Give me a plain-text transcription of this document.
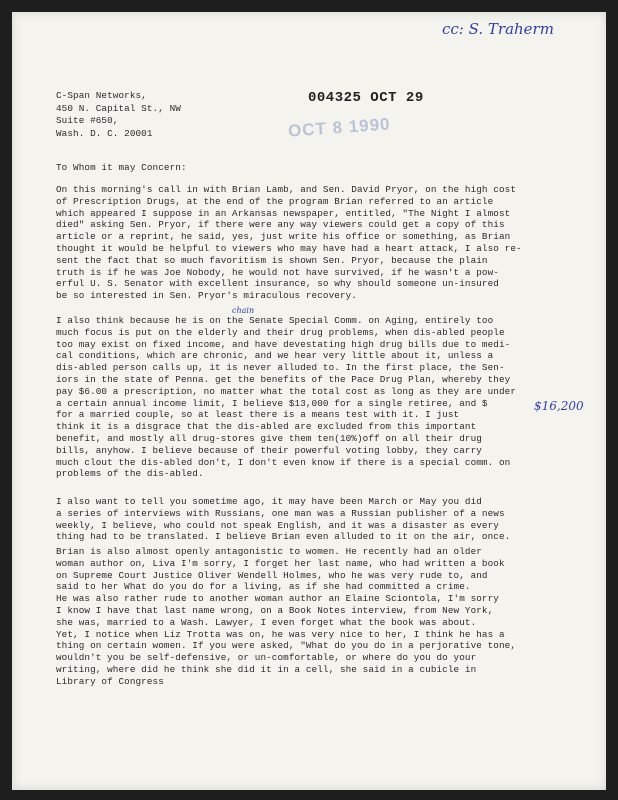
cc: S. Traherm
C-Span Networks,
450 N. Capital St., NW
Suite #650,
Wash. D. C. 20001
004325 OCT 29
OCT 8 1990
To Whom it may Concern:
On this morning's call in with Brian Lamb, and Sen. David Pryor, on the high cost
of Prescription Drugs, at the end of the program Brian referred to an article
which appeared I suppose in an Arkansas newspaper, entitled, "The Night I almost
died" asking Sen. Pryor, if there were any way viewers could get a copy of this
article or a reprint, he said, yes, just write his office or something, as Brian
thought it would be helpful to viewers who may have had a heart attack, I also re-
sent the fact that so much favoritism is shown Sen. Pryor, because the plain
truth is if he was Joe Nobody, he would not have survived, if he wasn't a pow-
erful U. S. Senator with excellent insurance, so why should someone un-insured
be so interested in Sen. Pryor's miraculous recovery.
chain
I also think because he is on the Senate Special Comm. on Aging, entirely too
much focus is put on the elderly and their drug problems, when dis-abled people
too may exist on fixed income, and have devestating high drug bills due to medi-
cal conditions, which are chronic, and we hear very little about it, unless a
dis-abled person calls up, it is never alluded to. In the first place, the Sen-
iors in the state of Penna. get the benefits of the Pace Drug Plan, whereby they
pay $6.00 a prescription, no matter what the total cost as long as they are under
a certain annual income limit, I believe $13,000 for a single retiree, and $
for a married couple, so at least there is a means test with it. I just
think it is a disgrace that the dis-abled are excluded from this important
benefit, and mostly all drug-stores give them ten(10%)off on all their drug
bills, anyhow. I believe because of their powerful voting lobby, they carry
much clout the dis-abled don't, I don't even know if there is a special comm. on
problems of the dis-abled.
$16,200
I also want to tell you sometime ago, it may have been March or May you did
a series of interviews with Russians, one man was a Russian publisher of a news
weekly, I believe, who could not speak English, and it was a disaster as every
thing had to be translated. I believe Brian even alluded to it on the air, once.
Brian is also almost openly antagonistic to women. He recently had an older
woman author on, Liva I'm sorry, I forget her last name, who had written a book
on Supreme Court Justice Oliver Wendell Holmes, who he was very rude to, and
said to her What do you do for a living, as if she had committed a crime.
He was also rather rude to another woman author an Elaine Sciontola, I'm sorry
I know I have that last name wrong, on a Book Notes interview, from New York,
she was, married to a Wash. Lawyer, I even forget what the book was about.
Yet, I notice when Liz Trotta was on, he was very nice to her, I think he has a
thing on certain women. If you were asked, "What do you do in a perjorative tone,
wouldn't you be self-defensive, or un-comfortable, or where do you do your
writing, where did he think she did it in a cell, she said in a cubicle in
Library of Congress
